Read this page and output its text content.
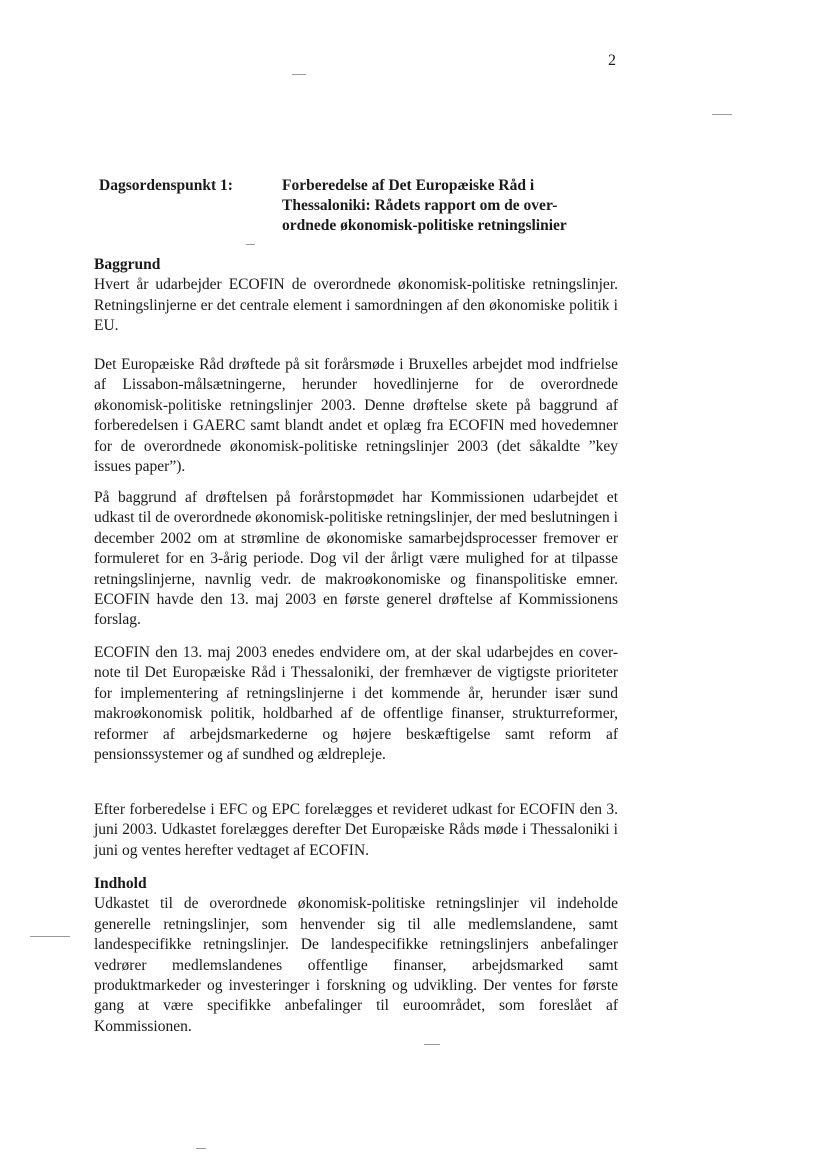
2
Dagsordenspunkt 1:	Forberedelse af Det Europæiske Råd i
Thessaloniki: Rådets rapport om de over-
ordnede økonomisk-politiske retningslinier
Baggrund

Hvert år udarbejder ECOFIN de overordnede økonomisk-politiske retningslinjer. Retningslinjerne er det centrale element i samordningen af den økonomiske politik i EU.

Det Europæiske Råd drøftede på sit forårsmøde i Bruxelles arbejdet mod indfrielse af Lissabon-målsætningerne, herunder hovedlinjerne for de overordnede økonomisk-politiske retningslinjer 2003. Denne drøftelse skete på baggrund af forberedelsen i GAERC samt blandt andet et oplæg fra ECOFIN med hovedemner for de overordnede økonomisk-politiske retningslinjer 2003 (det såkaldte ”key issues paper”).

På baggrund af drøftelsen på forårstopmødet har Kommissionen udarbejdet et udkast til de overordnede økonomisk-politiske retningslinjer, der med beslutningen i december 2002 om at strømline de økonomiske samarbejdsprocesser fremover er formuleret for en 3-årig periode. Dog vil der årligt være mulighed for at tilpasse retningslinjerne, navnlig vedr. de makroøkonomiske og finanspolitiske emner. ECOFIN havde den 13. maj 2003 en første generel drøftelse af Kommissionens forslag.

ECOFIN den 13. maj 2003 enedes endvidere om, at der skal udarbejdes en cover-note til Det Europæiske Råd i Thessaloniki, der fremhæver de vigtigste prioriteter for implementering af retningslinjerne i det kommende år, herunder især sund makroøkonomisk politik, holdbarhed af de offentlige finanser, strukturreformer, reformer af arbejdsmarkederne og højere beskæftigelse samt reform af pensionssystemer og af sundhed og ældrepleje.

Efter forberedelse i EFC og EPC forelægges et revideret udkast for ECOFIN den 3. juni 2003. Udkastet forelægges derefter Det Europæiske Råds møde i Thessaloniki i juni og ventes herefter vedtaget af ECOFIN.

Indhold

Udkastet til de overordnede økonomisk-politiske retningslinjer vil indeholde generelle retningslinjer, som henvender sig til alle medlemslandene, samt landespecifikke retningslinjer. De landespecifikke retningslinjers anbefalinger vedrører medlemslandenes offentlige finanser, arbejdsmarked samt produktmarkeder og investeringer i forskning og udvikling. Der ventes for første gang at være specifikke anbefalinger til euroområdet, som foreslået af Kommissionen.
